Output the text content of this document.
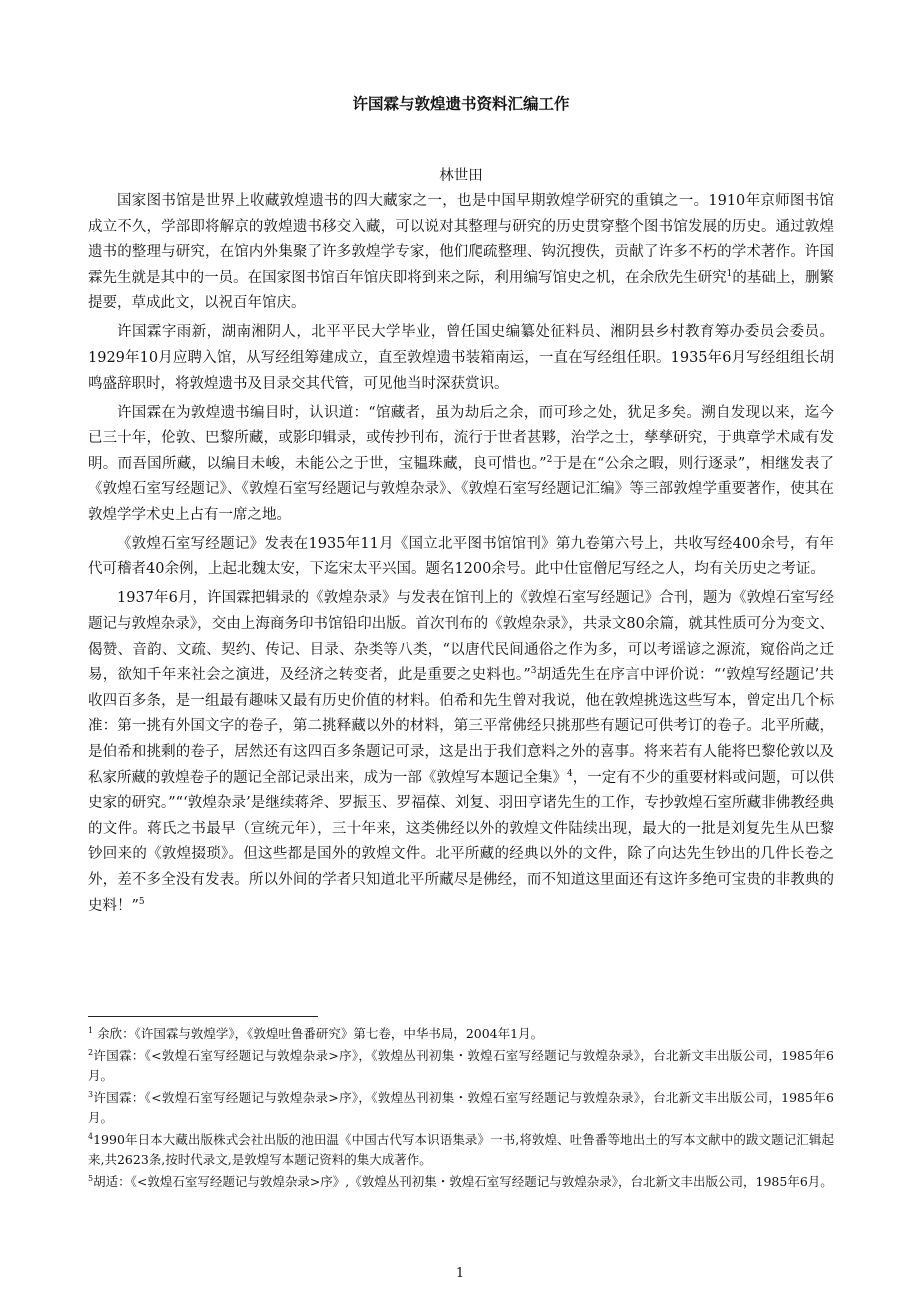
许国霖与敦煌遗书资料汇编工作

林世田

国家图书馆是世界上收藏敦煌遗书的四大藏家之一，也是中国早期敦煌学研究的重镇之一。1910年京师图书馆成立不久，学部即将解京的敦煌遗书移交入藏，可以说对其整理与研究的历史贯穿整个图书馆发展的历史。通过敦煌遗书的整理与研究，在馆内外集聚了许多敦煌学专家，他们爬疏整理、钩沉搜佚，贡献了许多不朽的学术著作。许国霖先生就是其中的一员。在国家图书馆百年馆庆即将到来之际，利用编写馆史之机，在余欣先生研究$^1$的基础上，删繁提要，草成此文，以祝百年馆庆。

许国霖字雨新，湖南湘阴人，北平平民大学毕业，曾任国史编纂处征料员、湘阴县乡村教育筹办委员会委员。1929年10月应聘入馆，从写经组筹建成立，直至敦煌遗书装箱南运，一直在写经组任职。1935年6月写经组组长胡鸣盛辞职时，将敦煌遗书及目录交其代管，可见他当时深获赏识。

许国霖在为敦煌遗书编目时，认识道：“馆藏者，虽为劫后之余，而可珍之处，犹足多矣。溯自发现以来，迄今已三十年，伦敦、巴黎所藏，或影印辑录，或传抄刊布，流行于世者甚夥，治学之士，孳孳研究，于典章学术咸有发明。而吾国所藏，以编目未峻，未能公之于世，宝韫珠藏，良可惜也。”$^2$于是在“公余之暇，则行逐录”，相继发表了《敦煌石室写经题记》、《敦煌石室写经题记与敦煌杂录》、《敦煌石室写经题记汇编》等三部敦煌学重要著作，使其在敦煌学学术史上占有一席之地。

《敦煌石室写经题记》发表在1935年11月《国立北平图书馆馆刊》第九卷第六号上，共收写经400余号，有年代可稽者40余例，上起北魏太安，下迄宋太平兴国。题名1200余号。此中仕宦僧尼写经之人，均有关历史之考证。

1937年6月，许国霖把辑录的《敦煌杂录》与发表在馆刊上的《敦煌石室写经题记》合刊，题为《敦煌石室写经题记与敦煌杂录》，交由上海商务印书馆铅印出版。首次刊布的《敦煌杂录》，共录文80余篇，就其性质可分为变文、偈赞、音韵、文疏、契约、传记、目录、杂类等八类，“以唐代民间通俗之作为多，可以考谣谚之源流，窥俗尚之迁易，欲知千年来社会之演进，及经济之转变者，此是重要之史料也。”$^3$胡适先生在序言中评价说：“‘敦煌写经题记’共收四百多条，是一组最有趣味又最有历史价值的材料。伯希和先生曾对我说，他在敦煌挑选这些写本，曾定出几个标准：第一挑有外国文字的卷子，第二挑释藏以外的材料，第三平常佛经只挑那些有题记可供考订的卷子。北平所藏，是伯希和挑剩的卷子，居然还有这四百多条题记可录，这是出于我们意料之外的喜事。将来若有人能将巴黎伦敦以及私家所藏的敦煌卷子的题记全部记录出来，成为一部《敦煌写本题记全集》$^4$，一定有不少的重要材料或问题，可以供史家的研究。”“‘敦煌杂录’是继续蒋斧、罗振玉、罗福葆、刘复、羽田亨诸先生的工作，专抄敦煌石室所藏非佛教经典的文件。蒋氏之书最早（宣统元年），三十年来，这类佛经以外的敦煌文件陆续出现，最大的一批是刘复先生从巴黎钞回来的《敦煌掇琐》。但这些都是国外的敦煌文件。北平所藏的经典以外的文件，除了向达先生钞出的几件长卷之外，差不多全没有发表。所以外间的学者只知道北平所藏尽是佛经，而不知道这里面还有这许多绝可宝贵的非教典的史料！”$^5$

$^1$ 余欣：《许国霖与敦煌学》，《敦煌吐鲁番研究》第七卷，中华书局，2004年1月。

$^2$许国霖：《<敦煌石室写经题记与敦煌杂录>序》，《敦煌丛刊初集・敦煌石室写经题记与敦煌杂录》，台北新文丰出版公司，1985年6月。

$^3$许国霖：《<敦煌石室写经题记与敦煌杂录>序》，《敦煌丛刊初集・敦煌石室写经题记与敦煌杂录》，台北新文丰出版公司，1985年6月。

$^4$1990年日本大藏出版株式会社出版的池田温《中国古代写本识语集录》一书,将敦煌、吐鲁番等地出土的写本文献中的跋文题记汇辑起来,共2623条,按时代录文,是敦煌写本题记资料的集大成著作。

$^5$胡适：《<敦煌石室写经题记与敦煌杂录>序》,《敦煌丛刊初集・敦煌石室写经题记与敦煌杂录》，台北新文丰出版公司，1985年6月。

1
